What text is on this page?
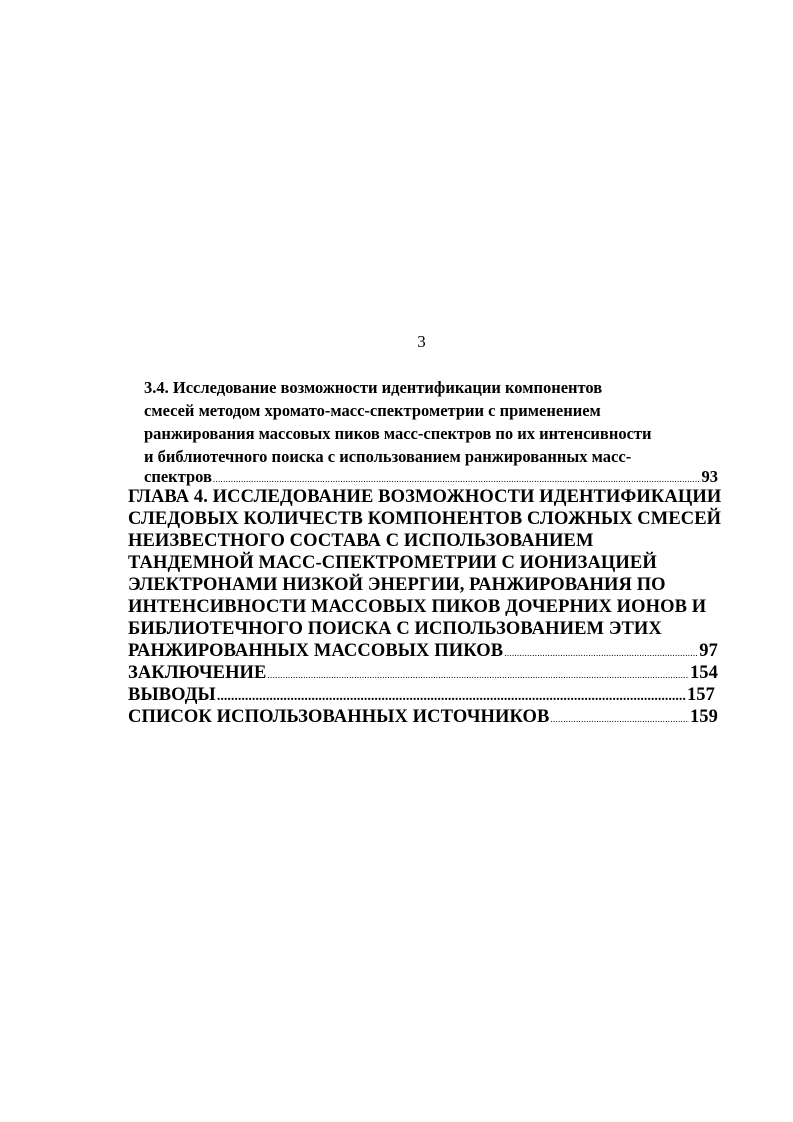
3
3.4. Исследование возможности идентификации компонентов
смесей методом хромато-масс-спектрометрии с применением
ранжирования массовых пиков масс-спектров по их интенсивности
и библиотечного поиска с использованием ранжированных масс-
спектров .....	93
ГЛАВА 4. ИССЛЕДОВАНИЕ ВОЗМОЖНОСТИ ИДЕНТИФИКАЦИИ
СЛЕДОВЫХ КОЛИЧЕСТВ КОМПОНЕНТОВ СЛОЖНЫХ СМЕСЕЙ
НЕИЗВЕСТНОГО СОСТАВА С ИСПОЛЬЗОВАНИЕМ
ТАНДЕМНОЙ МАСС-СПЕКТРОМЕТРИИ С ИОНИЗАЦИЕЙ
ЭЛЕКТРОНАМИ НИЗКОЙ ЭНЕРГИИ, РАНЖИРОВАНИЯ ПО
ИНТЕНСИВНОСТИ МАССОВЫХ ПИКОВ ДОЧЕРНИХ ИОНОВ И
БИБЛИОТЕЧНОГО ПОИСКА С ИСПОЛЬЗОВАНИЕМ ЭТИХ
РАНЖИРОВАННЫХ МАССОВЫХ ПИКОВ .....	97
ЗАКЛЮЧЕНИЕ .....	154
ВЫВОДЫ .....	157
СПИСОК ИСПОЛЬЗОВАННЫХ ИСТОЧНИКОВ .....	159
